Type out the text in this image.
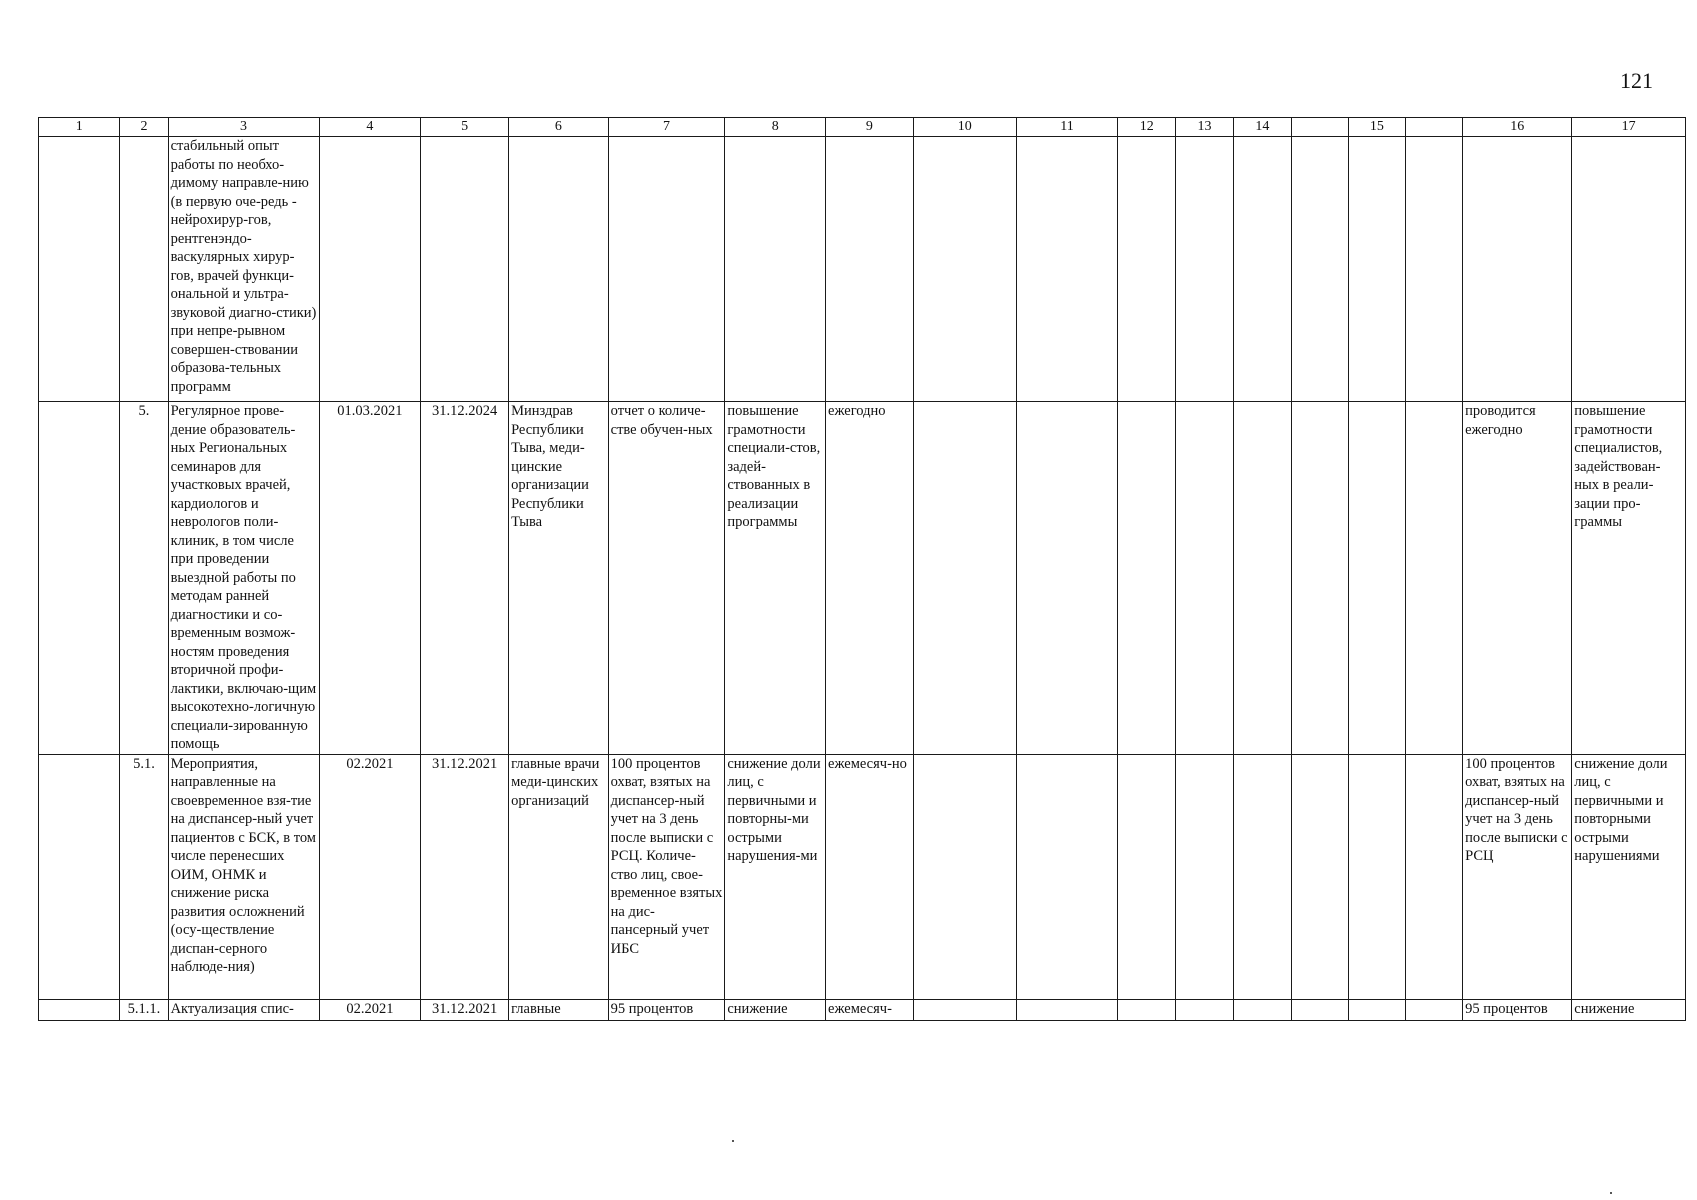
121
1	2	3	4	5	6	7	8	9	10	11	12	13	14		15		16	17
		стабильный опыт работы по необхо-димому направле-нию (в первую оче-редь - нейрохирур-гов, рентгенэндо-васкулярных хирур-гов, врачей функци-ональной и ультра-звуковой диагно-стики) при непре-рывном совершен-ствовании образова-тельных программ																
	5.	Регулярное прове-дение образователь-ных Региональных семинаров для участковых врачей, кардиологов и неврологов поли-клиник, в том числе при проведении выездной работы по методам ранней диагностики и со-временным возмож-ностям проведения вторичной профи-лактики, включаю-щим высокотехно-логичную специали-зированную помощь	01.03.2021	31.12.2024	Минздрав Республики Тыва, меди-цинские организации Республики Тыва	отчет о количе-стве обучен-ных	повышение грамотности специали-стов, задей-ствованных в реализации программы	ежегодно									проводится ежегодно	повышение грамотности специалистов, задействован-ных в реали-зации про-граммы
	5.1.	Мероприятия, направленные на своевременное взя-тие на диспансер-ный учет пациентов с БСК, в том числе перенесших ОИМ, ОНМК и снижение риска развития осложнений (осу-ществление диспан-серного наблюде-ния)	02.2021	31.12.2021	главные врачи меди-цинских организаций	100 процентов охват, взятых на диспансер-ный учет на 3 день после выписки с РСЦ. Количе-ство лиц, свое-временное взятых на дис-пансерный учет ИБС	снижение доли лиц, с первичными и повторны-ми острыми нарушения-ми	ежемесяч-но									100 процентов охват, взятых на диспансер-ный учет на 3 день после выписки с РСЦ	снижение доли лиц, с первичными и повторными острыми нарушениями
	5.1.1.	Актуализация спис-	02.2021	31.12.2021	главные	95 процентов	снижение	ежемесяч-									95 процентов	снижение
